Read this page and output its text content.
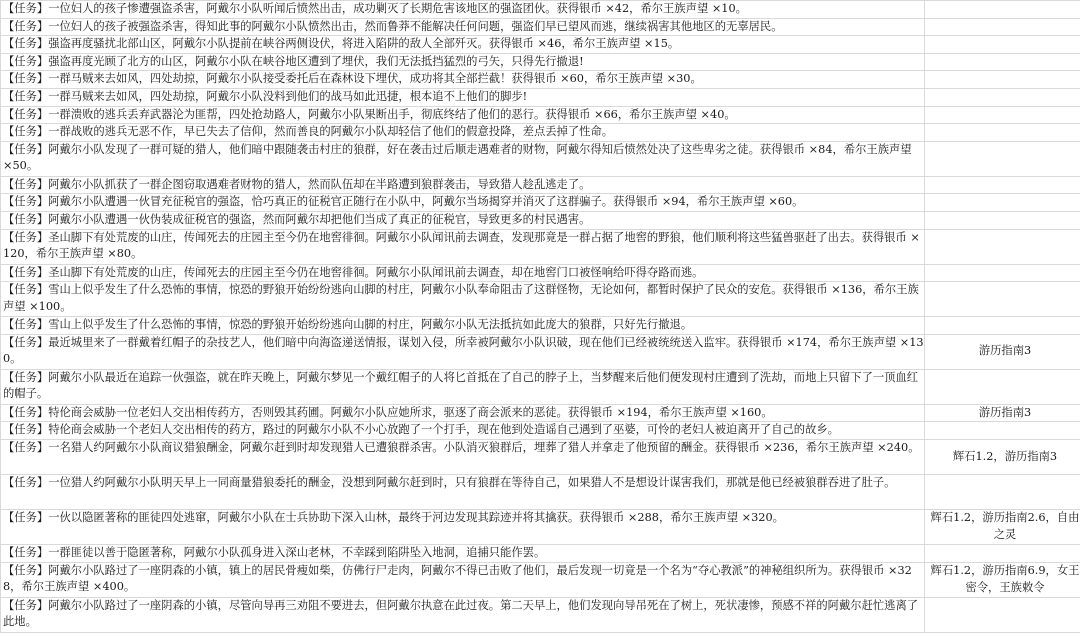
【任务】一位妇人的孩子惨遭强盗杀害，阿戴尔小队听闻后愤然出击，成功剿灭了长期危害该地区的强盗团伙。获得银币 ×42，希尔王族声望 ×10。	
【任务】一位妇人的孩子被强盗杀害，得知此事的阿戴尔小队愤然出击，然而鲁莽不能解决任何问题，强盗们早已望风而逃，继续祸害其他地区的无辜居民。	
【任务】强盗再度骚扰北部山区，阿戴尔小队提前在峡谷两侧设伏，将进入陷阱的敌人全部歼灭。获得银币 ×46，希尔王族声望 ×15。	
【任务】强盗再度光顾了北方的山区，阿戴尔小队在峡谷地区遭到了埋伏，我们无法抵挡猛烈的弓矢，只得先行撤退!	
【任务】一群马贼来去如风，四处劫掠，阿戴尔小队接受委托后在森林设下埋伏，成功将其全部拦截！获得银币 ×60，希尔王族声望 ×30。	
【任务】一群马贼来去如风，四处劫掠，阿戴尔小队没料到他们的战马如此迅捷，根本追不上他们的脚步!	
【任务】一群溃败的逃兵丢弃武器沦为匪帮，四处抢劫路人，阿戴尔小队果断出手，彻底终结了他们的恶行。获得银币 ×66，希尔王族声望 ×40。	
【任务】一群战败的逃兵无恶不作，早已失去了信仰，然而善良的阿戴尔小队却轻信了他们的假意投降，差点丢掉了性命。	
【任务】阿戴尔小队发现了一群可疑的猎人，他们暗中跟随袭击村庄的狼群，好在袭击过后顺走遇难者的财物，阿戴尔得知后愤然处决了这些卑劣之徒。获得银币 ×84，希尔王族声望 ×50。	
【任务】阿戴尔小队抓获了一群企图窃取遇难者财物的猎人，然而队伍却在半路遭到狼群袭击，导致猎人趁乱逃走了。	
【任务】阿戴尔小队遭遇一伙冒充征税官的强盗，恰巧真正的征税官正随行在小队中，阿戴尔当场揭穿并消灭了这群骗子。获得银币 ×94，希尔王族声望 ×60。	
【任务】阿戴尔小队遭遇一伙伪装成征税官的强盗，然而阿戴尔却把他们当成了真正的征税官，导致更多的村民遇害。	
【任务】圣山脚下有处荒废的山庄，传闻死去的庄园主至今仍在地窖徘徊。阿戴尔小队闻讯前去调查，发现那竟是一群占据了地窖的野狼，他们顺利将这些猛兽驱赶了出去。获得银币 ×120，希尔王族声望 ×80。	
【任务】圣山脚下有处荒废的山庄，传闻死去的庄园主至今仍在地窖徘徊。阿戴尔小队闻讯前去调查，却在地窖门口被怪响给吓得夺路而逃。	
【任务】雪山上似乎发生了什么恐怖的事情，惊恐的野狼开始纷纷逃向山脚的村庄，阿戴尔小队奉命阻击了这群怪物，无论如何，都暂时保护了民众的安危。获得银币 ×136，希尔王族声望 ×100。	
【任务】雪山上似乎发生了什么恐怖的事情，惊恐的野狼开始纷纷逃向山脚的村庄，阿戴尔小队无法抵抗如此庞大的狼群，只好先行撤退。	
【任务】最近城里来了一群戴着红帽子的杂技艺人，他们暗中向海盗递送情报，谋划入侵，所幸被阿戴尔小队识破，现在他们已经被统统送入监牢。获得银币 ×174，希尔王族声望 ×130。	游历指南3
【任务】阿戴尔小队最近在追踪一伙强盗，就在昨天晚上，阿戴尔梦见一个戴红帽子的人将匕首抵在了自己的脖子上，当梦醒来后他们便发现村庄遭到了洗劫，而地上只留下了一顶血红的帽子。	
【任务】特伦商会威胁一位老妇人交出相传药方，否则毁其药圃。阿戴尔小队应她所求，驱逐了商会派来的恶徒。获得银币 ×194，希尔王族声望 ×160。	游历指南3
【任务】特伦商会威胁一个老妇人交出相传的药方，路过的阿戴尔小队不小心放跑了一个打手，现在他到处造谣自己遇到了巫婆，可怜的老妇人被迫离开了自己的故乡。	
【任务】一名猎人约阿戴尔小队商议猎狼酬金，阿戴尔赶到时却发现猎人已遭狼群杀害。小队消灭狼群后，埋葬了猎人并拿走了他预留的酬金。获得银币 ×236，希尔王族声望 ×240。	辉石1.2，游历指南3
【任务】一位猎人约阿戴尔小队明天早上一同商量猎狼委托的酬金，没想到阿戴尔赶到时，只有狼群在等待自己，如果猎人不是想设计谋害我们，那就是他已经被狼群吞进了肚子。	
【任务】一伙以隐匿著称的匪徒四处逃窜，阿戴尔小队在士兵协助下深入山林，最终于河边发现其踪迹并将其擒获。获得银币 ×288，希尔王族声望 ×320。	辉石1.2，游历指南2.6，自由之灵
【任务】一群匪徒以善于隐匿著称，阿戴尔小队孤身进入深山老林，不幸踩到陷阱坠入地洞，追捕只能作罢。	
【任务】阿戴尔小队路过了一座阴森的小镇，镇上的居民骨瘦如柴，仿佛行尸走肉，阿戴尔不得已击败了他们，最后发现一切竟是一个名为“夺心教派”的神秘组织所为。获得银币 ×328，希尔王族声望 ×400。	辉石1.2，游历指南6.9，女王密令，王族敕令
【任务】阿戴尔小队路过了一座阴森的小镇，尽管向导再三劝阻不要进去，但阿戴尔执意在此过夜。第二天早上，他们发现向导吊死在了树上，死状凄惨，预感不祥的阿戴尔赶忙逃离了此地。	
